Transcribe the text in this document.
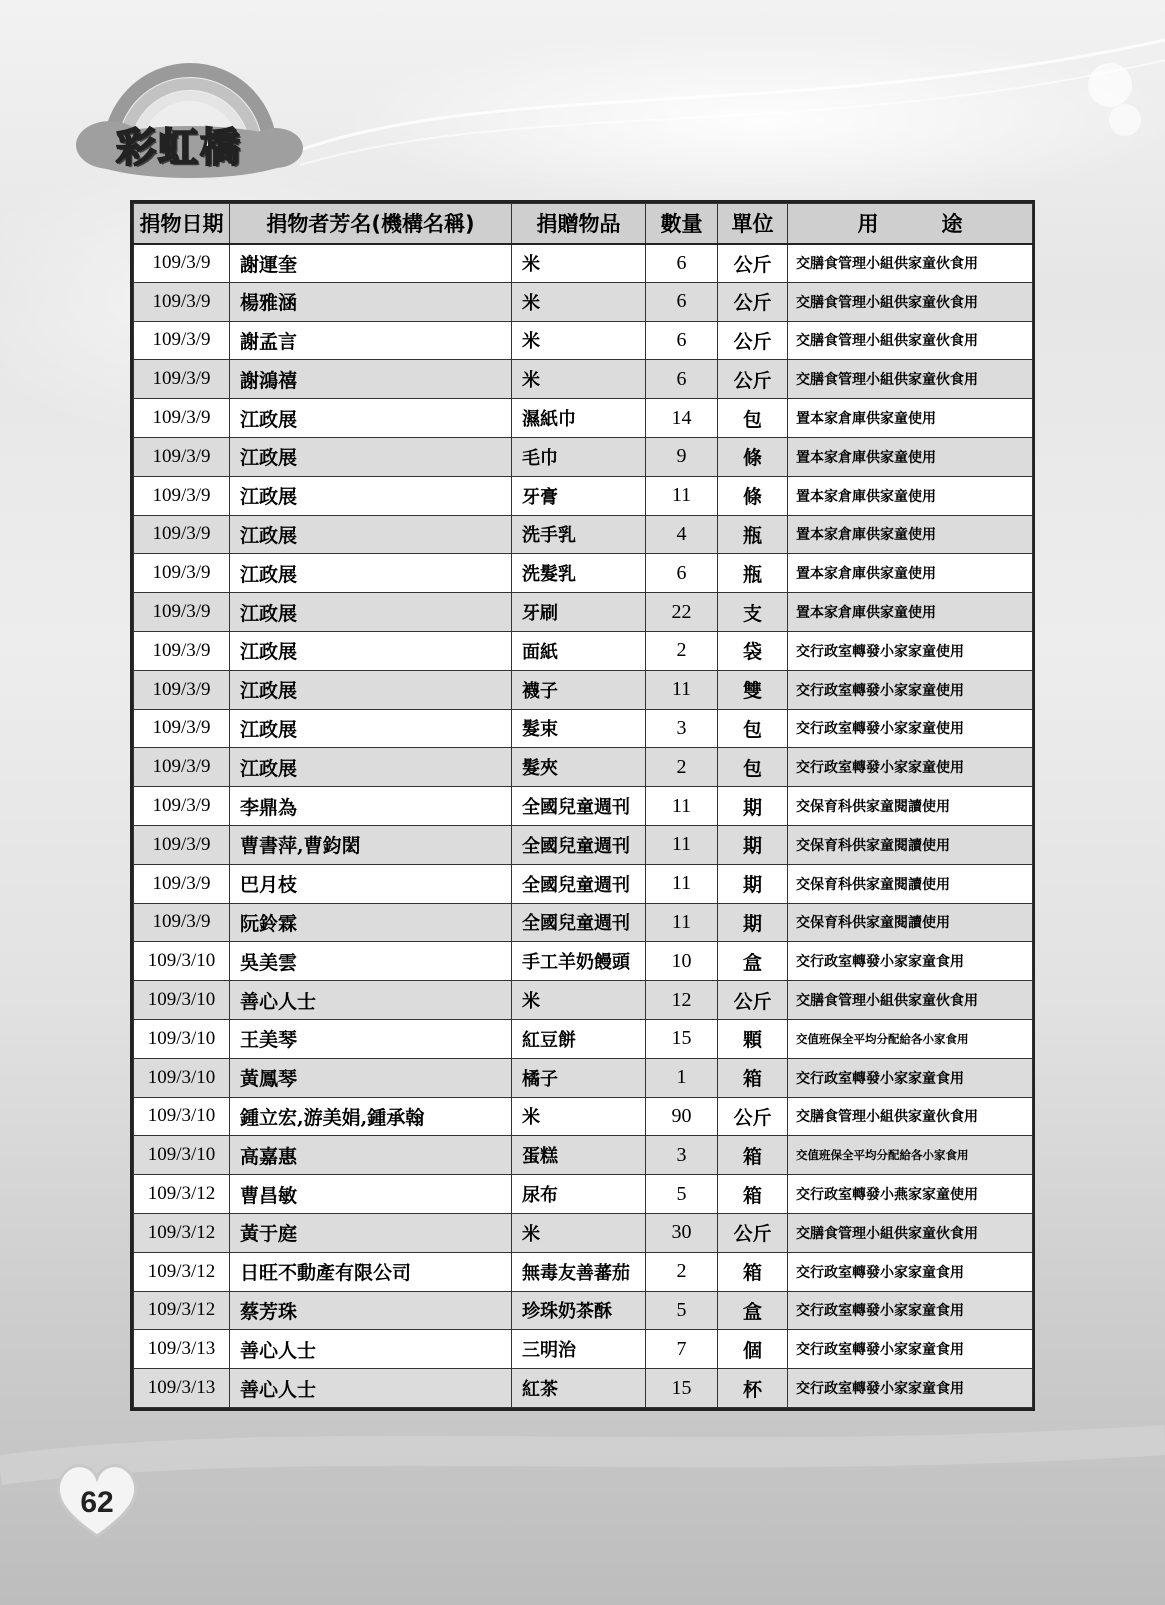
彩虹橋
捐物日期	捐物者芳名(機構名稱)	捐贈物品	數量	單位	用　　　途
109/3/9	謝運奎	米	6	公斤	交膳食管理小組供家童伙食用
109/3/9	楊雅涵	米	6	公斤	交膳食管理小組供家童伙食用
109/3/9	謝孟言	米	6	公斤	交膳食管理小組供家童伙食用
109/3/9	謝鴻禧	米	6	公斤	交膳食管理小組供家童伙食用
109/3/9	江政展	濕紙巾	14	包	置本家倉庫供家童使用
109/3/9	江政展	毛巾	9	條	置本家倉庫供家童使用
109/3/9	江政展	牙膏	11	條	置本家倉庫供家童使用
109/3/9	江政展	洗手乳	4	瓶	置本家倉庫供家童使用
109/3/9	江政展	洗髮乳	6	瓶	置本家倉庫供家童使用
109/3/9	江政展	牙刷	22	支	置本家倉庫供家童使用
109/3/9	江政展	面紙	2	袋	交行政室轉發小家家童使用
109/3/9	江政展	襪子	11	雙	交行政室轉發小家家童使用
109/3/9	江政展	髮束	3	包	交行政室轉發小家家童使用
109/3/9	江政展	髮夾	2	包	交行政室轉發小家家童使用
109/3/9	李鼎為	全國兒童週刊	11	期	交保育科供家童閱讀使用
109/3/9	曹書萍,曹鈞閎	全國兒童週刊	11	期	交保育科供家童閱讀使用
109/3/9	巴月枝	全國兒童週刊	11	期	交保育科供家童閱讀使用
109/3/9	阮鈴霖	全國兒童週刊	11	期	交保育科供家童閱讀使用
109/3/10	吳美雲	手工羊奶饅頭	10	盒	交行政室轉發小家家童食用
109/3/10	善心人士	米	12	公斤	交膳食管理小組供家童伙食用
109/3/10	王美琴	紅豆餅	15	顆	交值班保全平均分配給各小家食用
109/3/10	黃鳳琴	橘子	1	箱	交行政室轉發小家家童食用
109/3/10	鍾立宏,游美娟,鍾承翰	米	90	公斤	交膳食管理小組供家童伙食用
109/3/10	高嘉惠	蛋糕	3	箱	交值班保全平均分配給各小家食用
109/3/12	曹昌敏	尿布	5	箱	交行政室轉發小燕家家童使用
109/3/12	黃于庭	米	30	公斤	交膳食管理小組供家童伙食用
109/3/12	日旺不動產有限公司	無毒友善蕃茄	2	箱	交行政室轉發小家家童食用
109/3/12	蔡芳珠	珍珠奶茶酥	5	盒	交行政室轉發小家家童食用
109/3/13	善心人士	三明治	7	個	交行政室轉發小家家童食用
109/3/13	善心人士	紅茶	15	杯	交行政室轉發小家家童食用
62
